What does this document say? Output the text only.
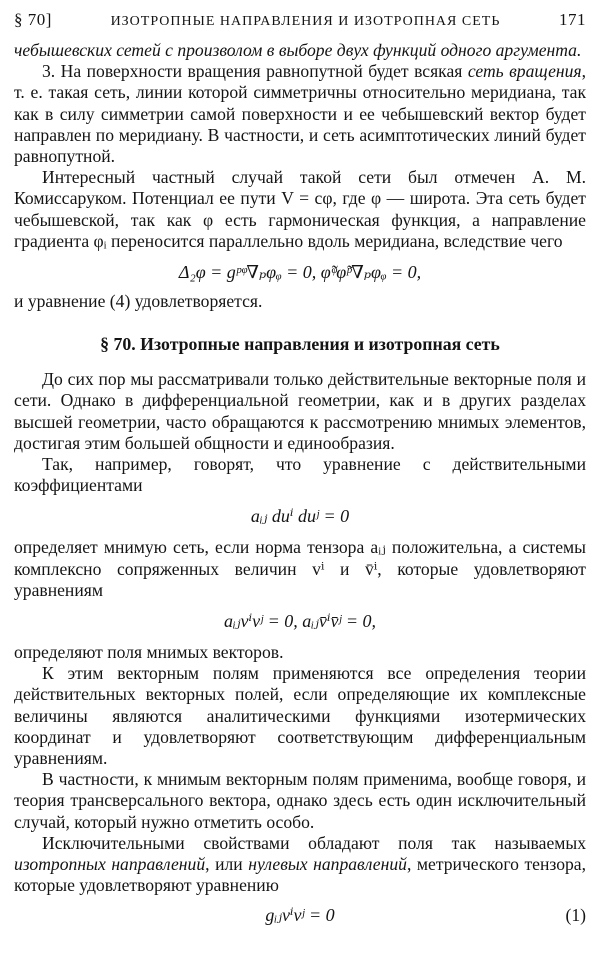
§ 70]	ИЗОТРОПНЫЕ НАПРАВЛЕНИЯ И ИЗОТРОПНАЯ СЕТЬ	171

чебышевских сетей с произволом в выборе двух функций одного аргумента.

3. На поверхности вращения равнопутной будет всякая сеть вращения, т. е. такая сеть, линии которой симметричны относительно меридиана, так как в силу симметрии самой поверхности и ее чебышевский вектор будет направлен по меридиану. В частности, и сеть асимптотических линий будет равнопутной.

Интересный частный случай такой сети был отмечен А. М. Комиссаруком. Потенциал ее пути V = cφ, где φ — широта. Эта сеть будет чебышевской, так как φ есть гармоническая функция, а направление градиента φᵢ переносится параллельно вдоль меридиана, вследствие чего

Δ₂φ = gᵖᵠ∇ₚφᵩ = 0, φ̃ᵠφ̃ᵖ∇ₚφᵩ = 0,

и уравнение (4) удовлетворяется.

§ 70. Изотропные направления и изотропная сеть

До сих пор мы рассматривали только действительные векторные поля и сети. Однако в дифференциальной геометрии, как и в других разделах высшей геометрии, часто обращаются к рассмотрению мнимых элементов, достигая этим большей общности и единообразия.

Так, например, говорят, что уравнение с действительными коэффициентами

aᵢⱼ duⁱ duʲ = 0

определяет мнимую сеть, если норма тензора aᵢⱼ положительна, а системы комплексно сопряженных величин vⁱ и v̄ⁱ, которые удовлетворяют уравнениям

aᵢⱼvⁱvʲ = 0, aᵢⱼv̄ⁱv̄ʲ = 0,

определяют поля мнимых векторов.

К этим векторным полям применяются все определения теории действительных векторных полей, если определяющие их комплексные величины являются аналитическими функциями изотермических координат и удовлетворяют соответствующим дифференциальным уравнениям.

В частности, к мнимым векторным полям применима, вообще говоря, и теория трансверсального вектора, однако здесь есть один исключительный случай, который нужно отметить особо.

Исключительными свойствами обладают поля так называемых изотропных направлений, или нулевых направлений, метрического тензора, которые удовлетворяют уравнению

gᵢⱼvⁱvʲ = 0	(1)
